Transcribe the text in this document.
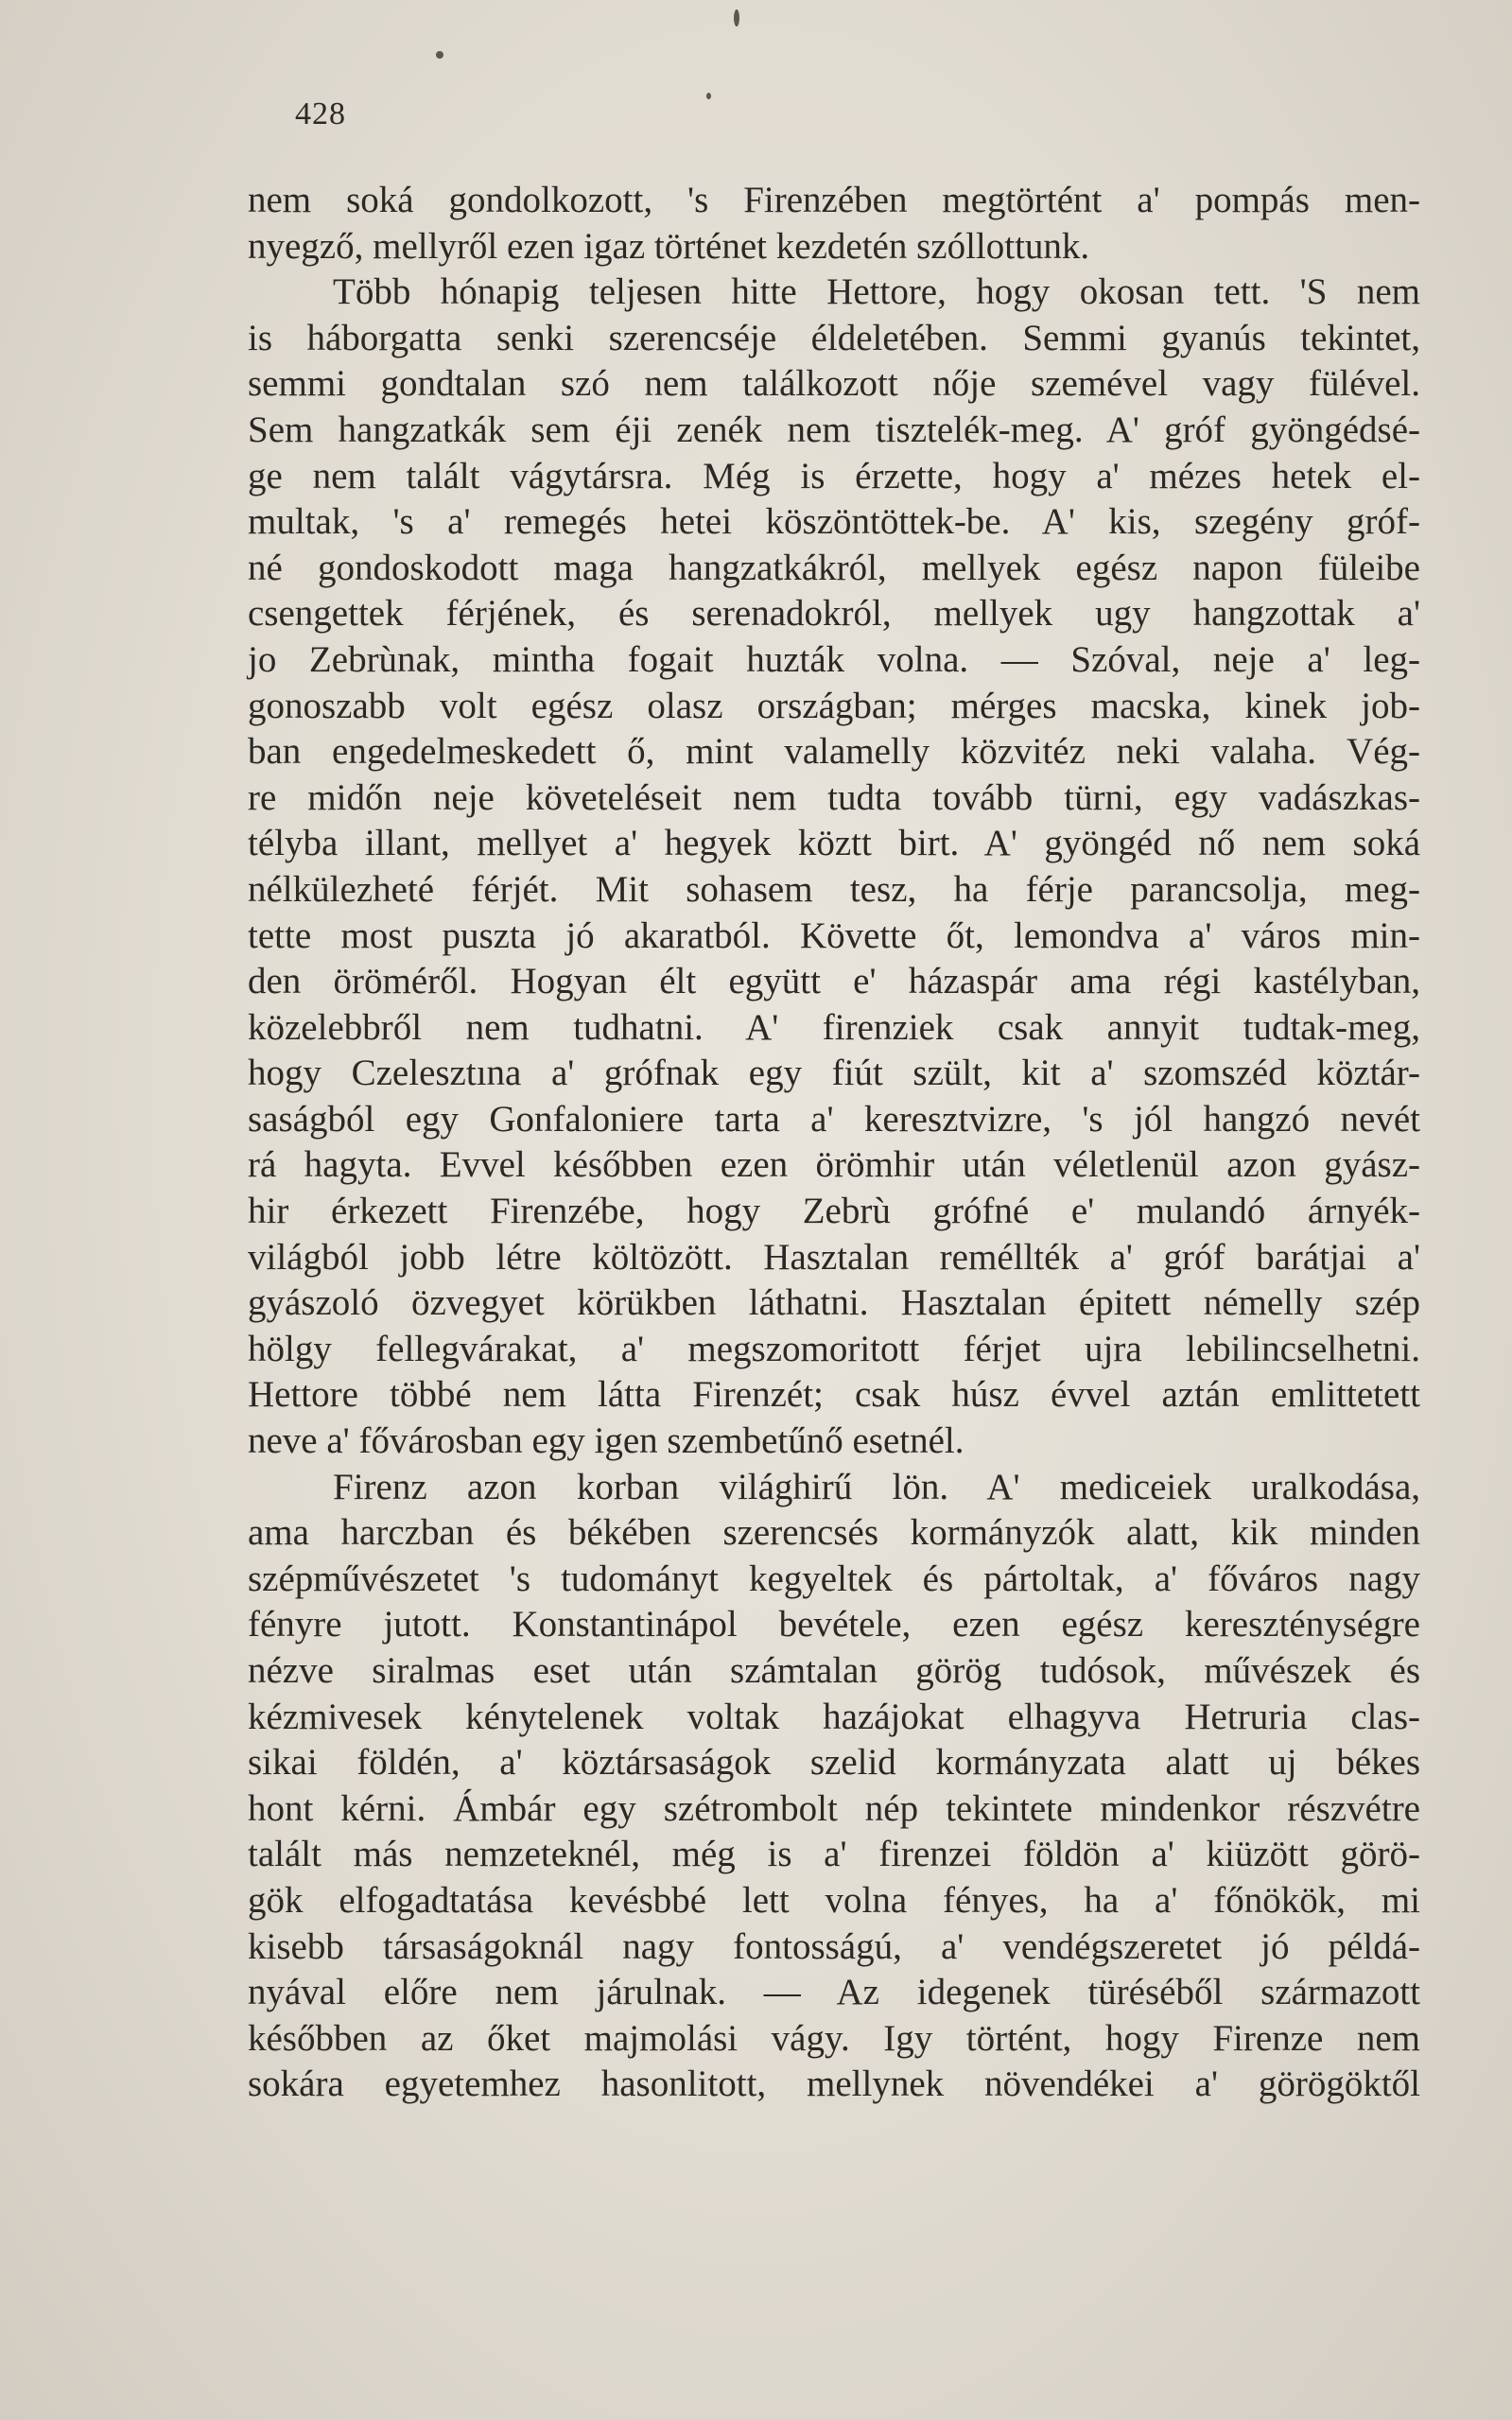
428
nem soká gondolkozott, 's Firenzében megtörtént a' pompás men-
nyegző, mellyről ezen igaz történet kezdetén szóllottunk.
Több hónapig teljesen hitte Hettore, hogy okosan tett. 'S nem
is háborgatta senki szerencséje éldeletében. Semmi gyanús tekintet,
semmi gondtalan szó nem találkozott nője szemével vagy fülével.
Sem hangzatkák sem éji zenék nem tisztelék-meg. A' gróf gyöngédsé-
ge nem talált vágytársra. Még is érzette, hogy a' mézes hetek el-
multak, 's a' remegés hetei köszöntöttek-be. A' kis, szegény gróf-
né gondoskodott maga hangzatkákról, mellyek egész napon füleibe
csengettek férjének, és serenadokról, mellyek ugy hangzottak a'
jo Zebrùnak, mintha fogait huzták volna. — Szóval, neje a' leg-
gonoszabb volt egész olasz országban; mérges macska, kinek job-
ban engedelmeskedett ő, mint valamelly közvitéz neki valaha. Vég-
re midőn neje követeléseit nem tudta tovább türni, egy vadászkas-
télyba illant, mellyet a' hegyek köztt birt. A' gyöngéd nő nem soká
nélkülezheté férjét. Mit sohasem tesz, ha férje parancsolja, meg-
tette most puszta jó akaratból. Követte őt, lemondva a' város min-
den öröméről. Hogyan élt együtt e' házaspár ama régi kastélyban,
közelebbről nem tudhatni. A' firenziek csak annyit tudtak-meg,
hogy Czelesztına a' grófnak egy fiút szült, kit a' szomszéd köztár-
saságból egy Gonfaloniere tarta a' keresztvizre, 's jól hangzó nevét
rá hagyta. Evvel későbben ezen örömhir után véletlenül azon gyász-
hir érkezett Firenzébe, hogy Zebrù grófné e' mulandó árnyék-
világból jobb létre költözött. Hasztalan reméllték a' gróf barátjai a'
gyászoló özvegyet körükben láthatni. Hasztalan épitett némelly szép
hölgy fellegvárakat, a' megszomoritott férjet ujra lebilincselhetni.
Hettore többé nem látta Firenzét; csak húsz évvel aztán emlittetett
neve a' fővárosban egy igen szembetűnő esetnél.
Firenz azon korban világhirű lön. A' mediceiek uralkodása,
ama harczban és békében szerencsés kormányzók alatt, kik minden
szépművészetet 's tudományt kegyeltek és pártoltak, a' főváros nagy
fényre jutott. Konstantinápol bevétele, ezen egész kereszténységre
nézve siralmas eset után számtalan görög tudósok, művészek és
kézmivesek kénytelenek voltak hazájokat elhagyva Hetruria clas-
sikai földén, a' köztársaságok szelid kormányzata alatt uj békes
hont kérni. Ámbár egy szétrombolt nép tekintete mindenkor részvétre
talált más nemzeteknél, még is a' firenzei földön a' kiüzött görö-
gök elfogadtatása kevésbbé lett volna fényes, ha a' főnökök, mi
kisebb társaságoknál nagy fontosságú, a' vendégszeretet jó példá-
nyával előre nem járulnak. — Az idegenek türéséből származott
későbben az őket majmolási vágy. Igy történt, hogy Firenze nem
sokára egyetemhez hasonlitott, mellynek növendékei a' görögöktől
